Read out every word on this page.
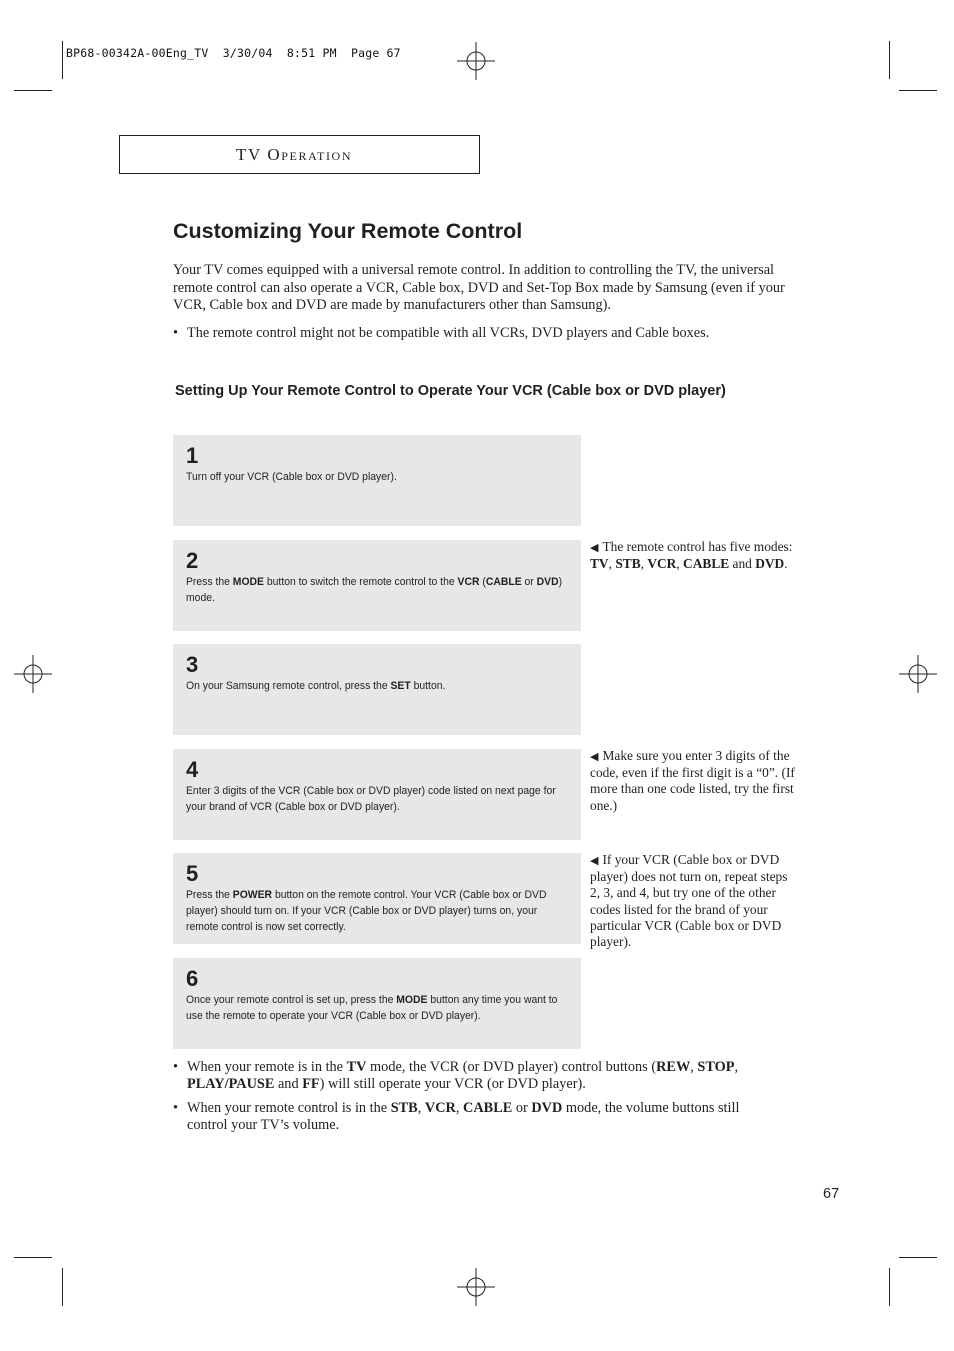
BP68-00342A-00Eng_TV  3/30/04  8:51 PM  Page 67
TV Operation
Customizing Your Remote Control
Your TV comes equipped with a universal remote control. In addition to controlling the TV, the universal remote control can also operate a VCR, Cable box, DVD and Set-Top Box made by Samsung (even if your VCR, Cable box and DVD are made by manufacturers other than Samsung).
• The remote control might not be compatible with all VCRs, DVD players and Cable boxes.
Setting Up Your Remote Control to Operate Your VCR (Cable box or DVD player)
1
Turn off your VCR (Cable box or DVD player).
2
Press the MODE button to switch the remote control to the VCR (CABLE or DVD) mode.
3
On your Samsung remote control, press the SET button.
4
Enter 3 digits of the VCR (Cable box or DVD player) code listed on next page for your brand of VCR (Cable box or DVD player).
5
Press the POWER button on the remote control. Your VCR (Cable box or DVD player) should turn on. If your VCR (Cable box or DVD player) turns on, your remote control is now set correctly.
6
Once your remote control is set up, press the MODE button any time you want to use the remote to operate your VCR (Cable box or DVD player).
◀ The remote control has five modes: TV, STB, VCR, CABLE and DVD.
◀ Make sure you enter 3 digits of the code, even if the first digit is a “0”. (If more than one code listed, try the first one.)
◀ If your VCR (Cable box or DVD player) does not turn on, repeat steps 2, 3, and 4, but try one of the other codes listed for the brand of your particular VCR (Cable box or DVD player).
• When your remote is in the TV mode, the VCR (or DVD player) control buttons (REW, STOP, PLAY/PAUSE and FF) will still operate your VCR (or DVD player).
• When your remote control is in the STB, VCR, CABLE or DVD mode, the volume buttons still control your TV’s volume.
67
